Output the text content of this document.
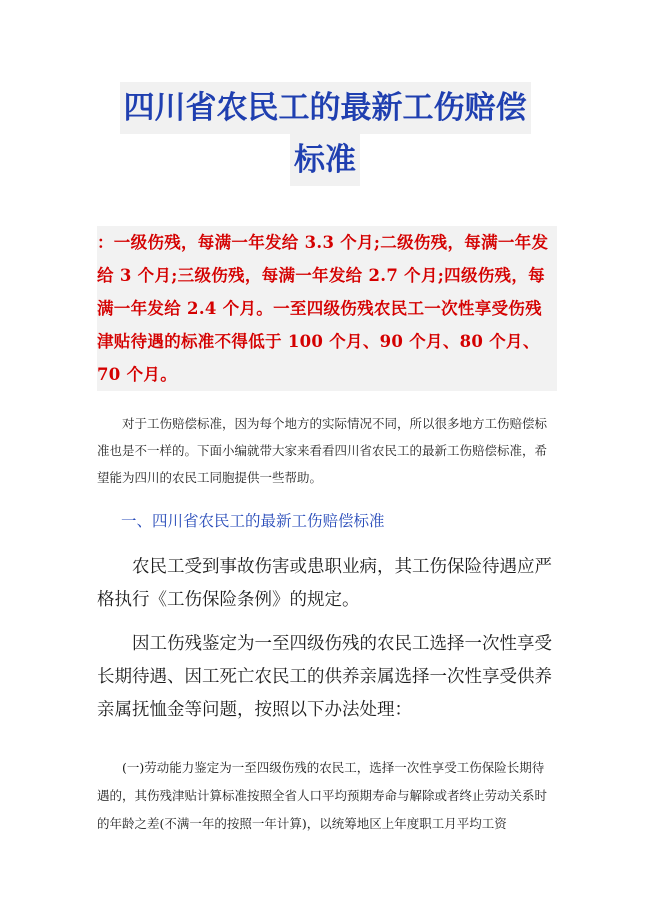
四川省农民工的最新工伤赔偿
标准
：一级伤残，每满一年发给 3.3 个月;二级伤残，每满一年发给 3 个月;三级伤残，每满一年发给 2.7 个月;四级伤残，每满一年发给 2.4 个月。一至四级伤残农民工一次性享受伤残津贴待遇的标准不得低于 100 个月、90 个月、80 个月、70 个月。
对于工伤赔偿标准，因为每个地方的实际情况不同，所以很多地方工伤赔偿标准也是不一样的。下面小编就带大家来看看四川省农民工的最新工伤赔偿标准，希望能为四川的农民工同胞提供一些帮助。
一、四川省农民工的最新工伤赔偿标准
农民工受到事故伤害或患职业病，其工伤保险待遇应严格执行《工伤保险条例》的规定。
因工伤残鉴定为一至四级伤残的农民工选择一次性享受长期待遇、因工死亡农民工的供养亲属选择一次性享受供养亲属抚恤金等问题，按照以下办法处理：
(一)劳动能力鉴定为一至四级伤残的农民工，选择一次性享受工伤保险长期待遇的，其伤残津贴计算标准按照全省人口平均预期寿命与解除或者终止劳动关系时的年龄之差(不满一年的按照一年计算)，以统筹地区上年度职工月平均工资
